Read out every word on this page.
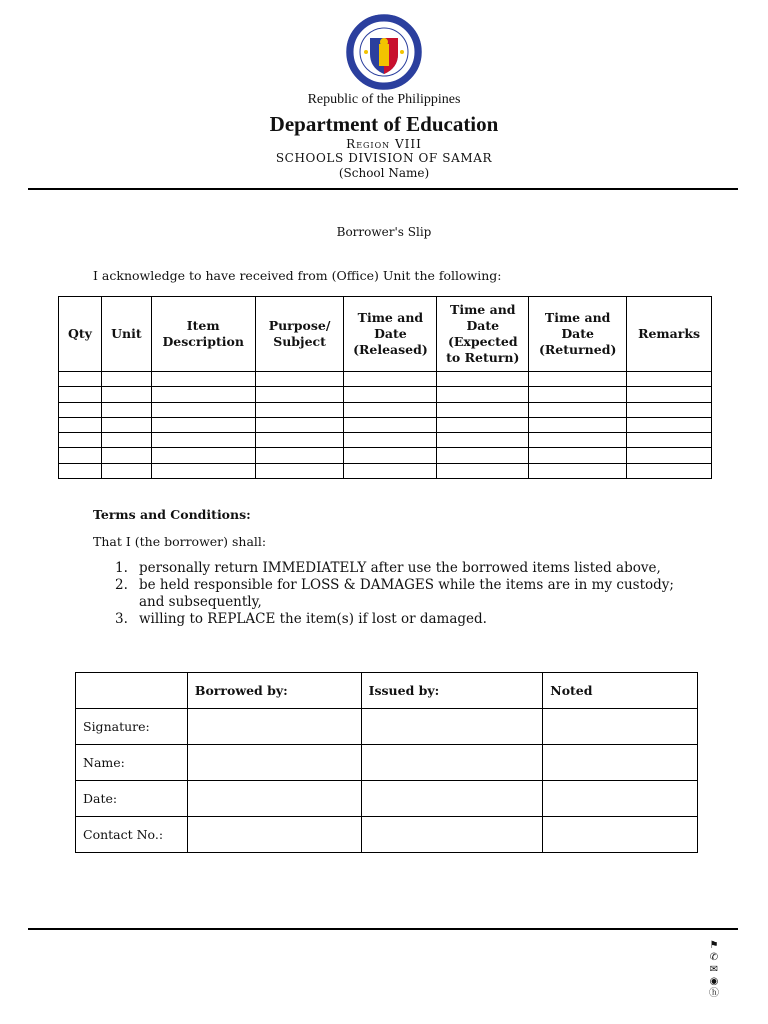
Republic of the Philippines
Department of Education
Region VIII
SCHOOLS DIVISION OF SAMAR
(School Name)
Borrower's Slip
I acknowledge to have received from (Office) Unit the following:
Qty	Unit	Item Description	Purpose/ Subject	Time and Date (Released)	Time and Date (Expected to Return)	Time and Date (Returned)	Remarks

Terms and Conditions:
That I (the borrower) shall:
1. personally return IMMEDIATELY after use the borrowed items listed above,
2. be held responsible for LOSS & DAMAGES while the items are in my custody; and subsequently,
3. willing to REPLACE the item(s) if lost or damaged.
	Borrowed by:	Issued by:	Noted
Signature:			
Name:			
Date:			
Contact No.:			
⚑
✆
✉
◉
ⓗ
